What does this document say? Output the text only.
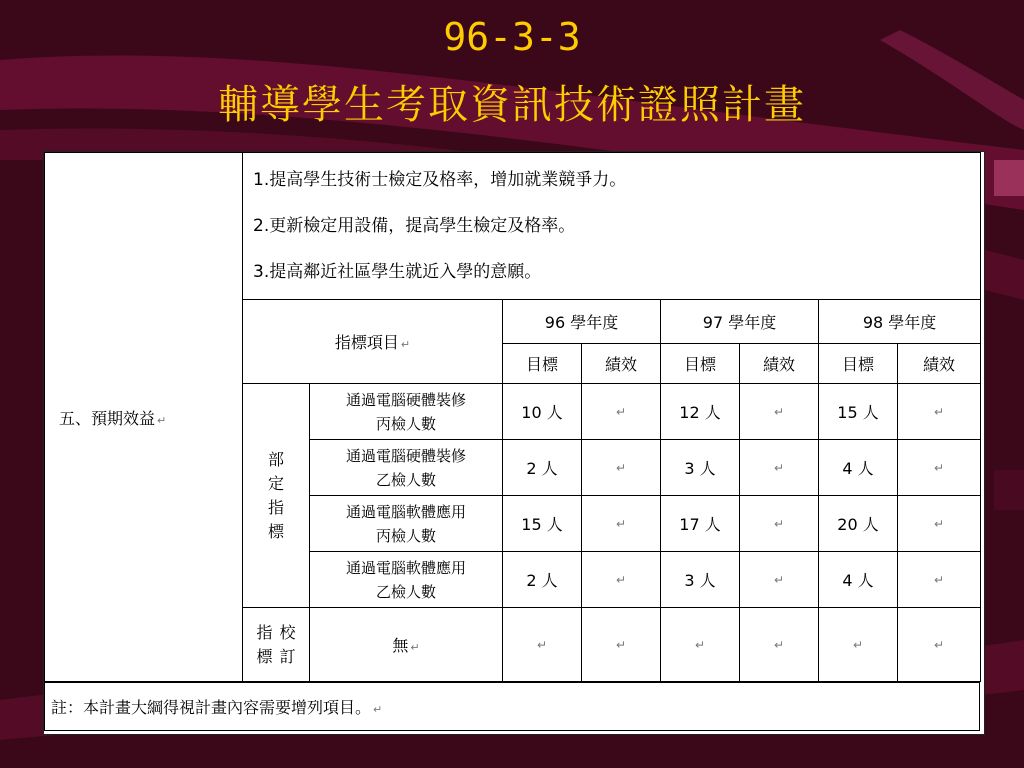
96-3-3
輔導學生考取資訊技術證照計畫
五、預期效益 ↵	1.提高學生技術士檢定及格率，增加就業競爭力。
2.更新檢定用設備，提高學生檢定及格率。
3.提高鄰近社區學生就近入學的意願。							

	指標項目 ↵		96 學年度		97 學年度		98 學年度	
			目標	績效	目標	績效	目標	績效
	部
定
指
標	通過電腦硬體裝修
丙檢人數	10 人	↵	12 人	↵	15 人	↵
		通過電腦硬體裝修
乙檢人數	2 人	↵	3 人	↵	4 人	↵
		通過電腦軟體應用
丙檢人數	15 人	↵	17 人	↵	20 人	↵
		通過電腦軟體應用
乙檢人數	2 人	↵	3 人	↵	4 人	↵
	指
標 校
訂	無 ↵	↵	↵	↵	↵	↵	↵
註：本計畫大綱得視計畫內容需要增列項目。 ↵
